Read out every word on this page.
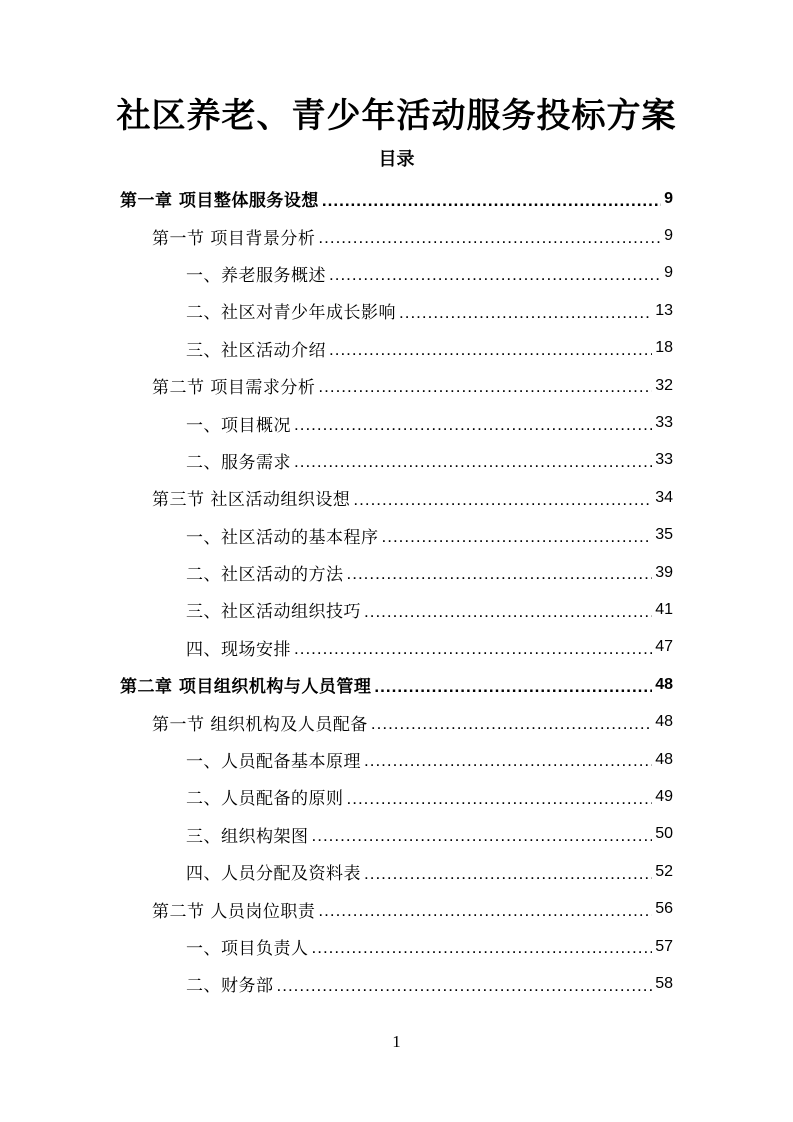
社区养老、青少年活动服务投标方案
目录
第一章 项目整体服务设想 .....	9
第一节 项目背景分析 .....	9
一、养老服务概述 .....	9
二、社区对青少年成长影响 .....	13
三、社区活动介绍 .....	18
第二节 项目需求分析 .....	32
一、项目概况 .....	33
二、服务需求 .....	33
第三节 社区活动组织设想 .....	34
一、社区活动的基本程序 .....	35
二、社区活动的方法 .....	39
三、社区活动组织技巧 .....	41
四、现场安排 .....	47
第二章 项目组织机构与人员管理 .....	48
第一节 组织机构及人员配备 .....	48
一、人员配备基本原理 .....	48
二、人员配备的原则 .....	49
三、组织构架图 .....	50
四、人员分配及资料表 .....	52
第二节 人员岗位职责 .....	56
一、项目负责人 .....	57
二、财务部 .....	58

1
